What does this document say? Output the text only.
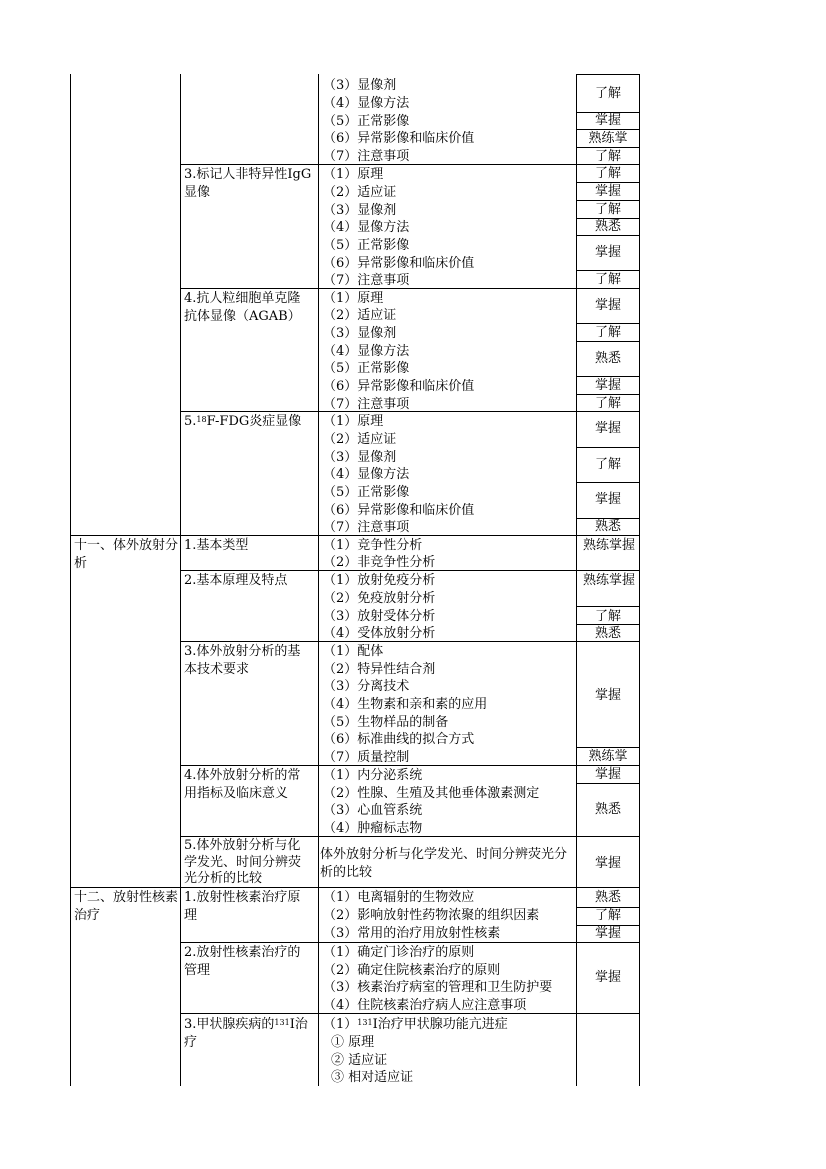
（3）显像剂
（4）显像方法
（5）正常影像
（6）异常影像和临床价值
（7）注意事项
了解
掌握
熟练掌
了解
3.标记人非特异性IgG显像
（1）原理
（2）适应证
（3）显像剂
（4）显像方法
（5）正常影像
（6）异常影像和临床价值
（7）注意事项
了解
掌握
了解
熟悉
掌握
了解
4.抗人粒细胞单克隆抗体显像（AGAB）
（1）原理
（2）适应证
（3）显像剂
（4）显像方法
（5）正常影像
（6）异常影像和临床价值
（7）注意事项
掌握
了解
熟悉
掌握
了解
5.18F-FDG炎症显像 （1）原理
（2）适应证
（3）显像剂
（4）显像方法
（5）正常影像
（6）异常影像和临床价值
（7）注意事项
掌握
了解
掌握
熟悉
十一、体外放射分析
1.基本类型	（1）竞争性分析
（2）非竞争性分析
熟练掌握
2.基本原理及特点	（1）放射免疫分析
（2）免疫放射分析
（3）放射受体分析
（4）受体放射分析
熟练掌握
了解
熟悉
3.体外放射分析的基本技术要求
（1）配体
（2）特异性结合剂
（3）分离技术
（4）生物素和亲和素的应用
（5）生物样品的制备
（6）标准曲线的拟合方式
（7）质量控制
掌握
熟练掌
4.体外放射分析的常用指标及临床意义
（1）内分泌系统
（2）性腺、生殖及其他垂体激素测定
（3）心血管系统
（4）肿瘤标志物
掌握
熟悉
5.体外放射分析与化学发光、时间分辨荧光分析的比较
体外放射分析与化学发光、时间分辨荧光分析的比较
掌握
十二、放射性核素治疗
1.放射性核素治疗原理
（1）电离辐射的生物效应
（2）影响放射性药物浓聚的组织因素
（3）常用的治疗用放射性核素
熟悉
了解
掌握
2.放射性核素治疗的管理
（1）确定门诊治疗的原则
（2）确定住院核素治疗的原则
（3）核素治疗病室的管理和卫生防护要
（4）住院核素治疗病人应注意事项
掌握
3.甲状腺疾病的$^{131}$I治疗
$(1)^{131}I$治疗甲状腺功能亢进症
① 原理
② 适应证
③ 相对适应证
